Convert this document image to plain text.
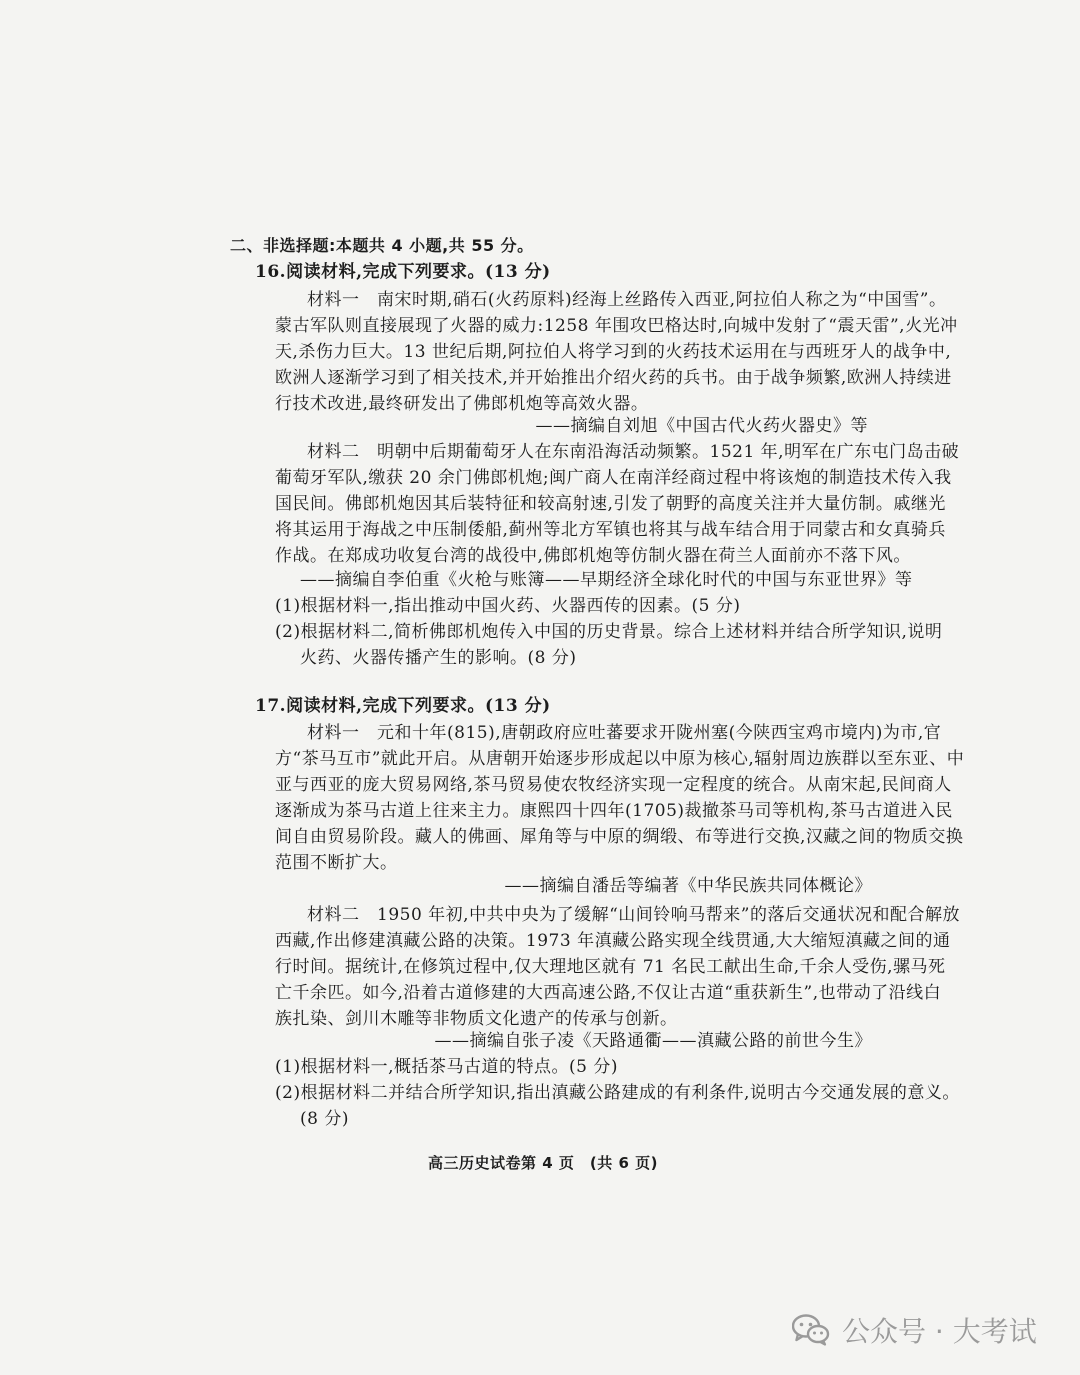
二、非选择题:本题共 4 小题,共 55 分。
16.阅读材料,完成下列要求。(13 分)
材料一　南宋时期,硝石(火药原料)经海上丝路传入西亚,阿拉伯人称之为“中国雪”。
蒙古军队则直接展现了火器的威力:1258 年围攻巴格达时,向城中发射了“震天雷”,火光冲
天,杀伤力巨大。13 世纪后期,阿拉伯人将学习到的火药技术运用在与西班牙人的战争中,
欧洲人逐渐学习到了相关技术,并开始推出介绍火药的兵书。由于战争频繁,欧洲人持续进
行技术改进,最终研发出了佛郎机炮等高效火器。
——摘编自刘旭《中国古代火药火器史》等
材料二　明朝中后期葡萄牙人在东南沿海活动频繁。1521 年,明军在广东屯门岛击破
葡萄牙军队,缴获 20 余门佛郎机炮;闽广商人在南洋经商过程中将该炮的制造技术传入我
国民间。佛郎机炮因其后装特征和较高射速,引发了朝野的高度关注并大量仿制。戚继光
将其运用于海战之中压制倭船,蓟州等北方军镇也将其与战车结合用于同蒙古和女真骑兵
作战。在郑成功收复台湾的战役中,佛郎机炮等仿制火器在荷兰人面前亦不落下风。
——摘编自李伯重《火枪与账簿——早期经济全球化时代的中国与东亚世界》等
(1)根据材料一,指出推动中国火药、火器西传的因素。(5 分)
(2)根据材料二,简析佛郎机炮传入中国的历史背景。综合上述材料并结合所学知识,说明
火药、火器传播产生的影响。(8 分)
17.阅读材料,完成下列要求。(13 分)
材料一　元和十年(815),唐朝政府应吐蕃要求开陇州塞(今陕西宝鸡市境内)为市,官
方“茶马互市”就此开启。从唐朝开始逐步形成起以中原为核心,辐射周边族群以至东亚、中
亚与西亚的庞大贸易网络,茶马贸易使农牧经济实现一定程度的统合。从南宋起,民间商人
逐渐成为茶马古道上往来主力。康熙四十四年(1705)裁撤茶马司等机构,茶马古道进入民
间自由贸易阶段。藏人的佛画、犀角等与中原的绸缎、布等进行交换,汉藏之间的物质交换
范围不断扩大。
——摘编自潘岳等编著《中华民族共同体概论》
材料二　1950 年初,中共中央为了缓解“山间铃响马帮来”的落后交通状况和配合解放
西藏,作出修建滇藏公路的决策。1973 年滇藏公路实现全线贯通,大大缩短滇藏之间的通
行时间。据统计,在修筑过程中,仅大理地区就有 71 名民工献出生命,千余人受伤,骡马死
亡千余匹。如今,沿着古道修建的大西高速公路,不仅让古道“重获新生”,也带动了沿线白
族扎染、剑川木雕等非物质文化遗产的传承与创新。
——摘编自张子凌《天路通衢——滇藏公路的前世今生》
(1)根据材料一,概括茶马古道的特点。(5 分)
(2)根据材料二并结合所学知识,指出滇藏公路建成的有利条件,说明古今交通发展的意义。
(8 分)
高三历史试卷第 4 页　(共 6 页)
公众号 · 大考试
